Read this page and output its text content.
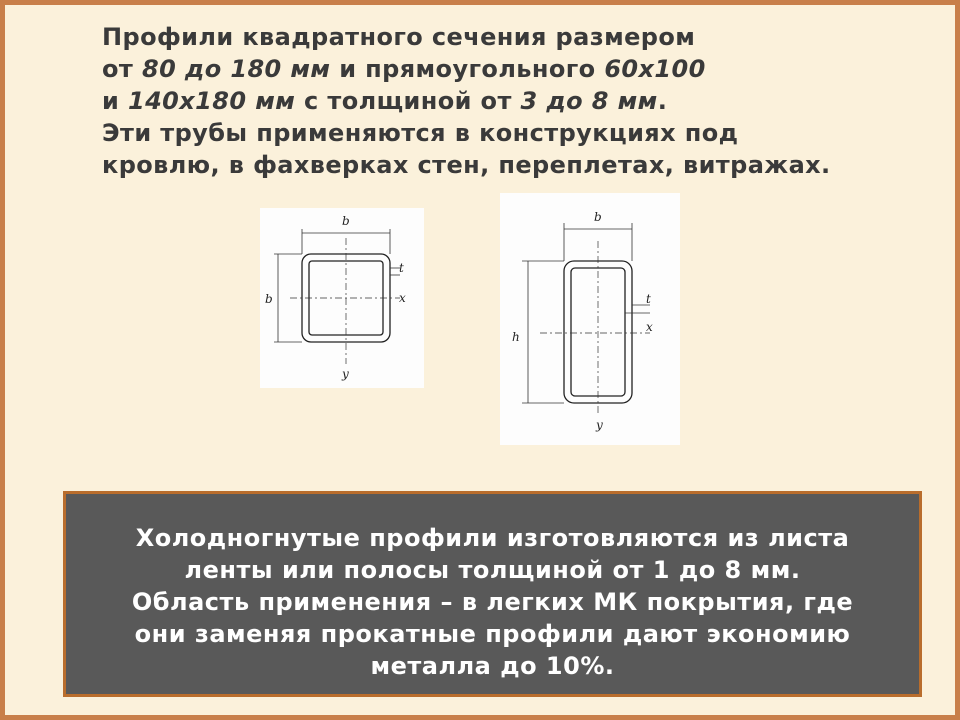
Профили квадратного сечения размером
от 80 до 180 мм и прямоугольного 60х100
и 140х180 мм с толщиной от 3 до 8 мм.
Эти трубы применяются в конструкциях под
кровлю, в фахверках стен, переплетах, витражах.
b
b
t
x
y
b
h
t
x
y
Холодногнутые профили изготовляются из листа
ленты или полосы толщиной от 1 до 8 мм.
Область применения – в легких МК покрытия, где
они заменяя прокатные профили дают экономию
металла до 10%.
